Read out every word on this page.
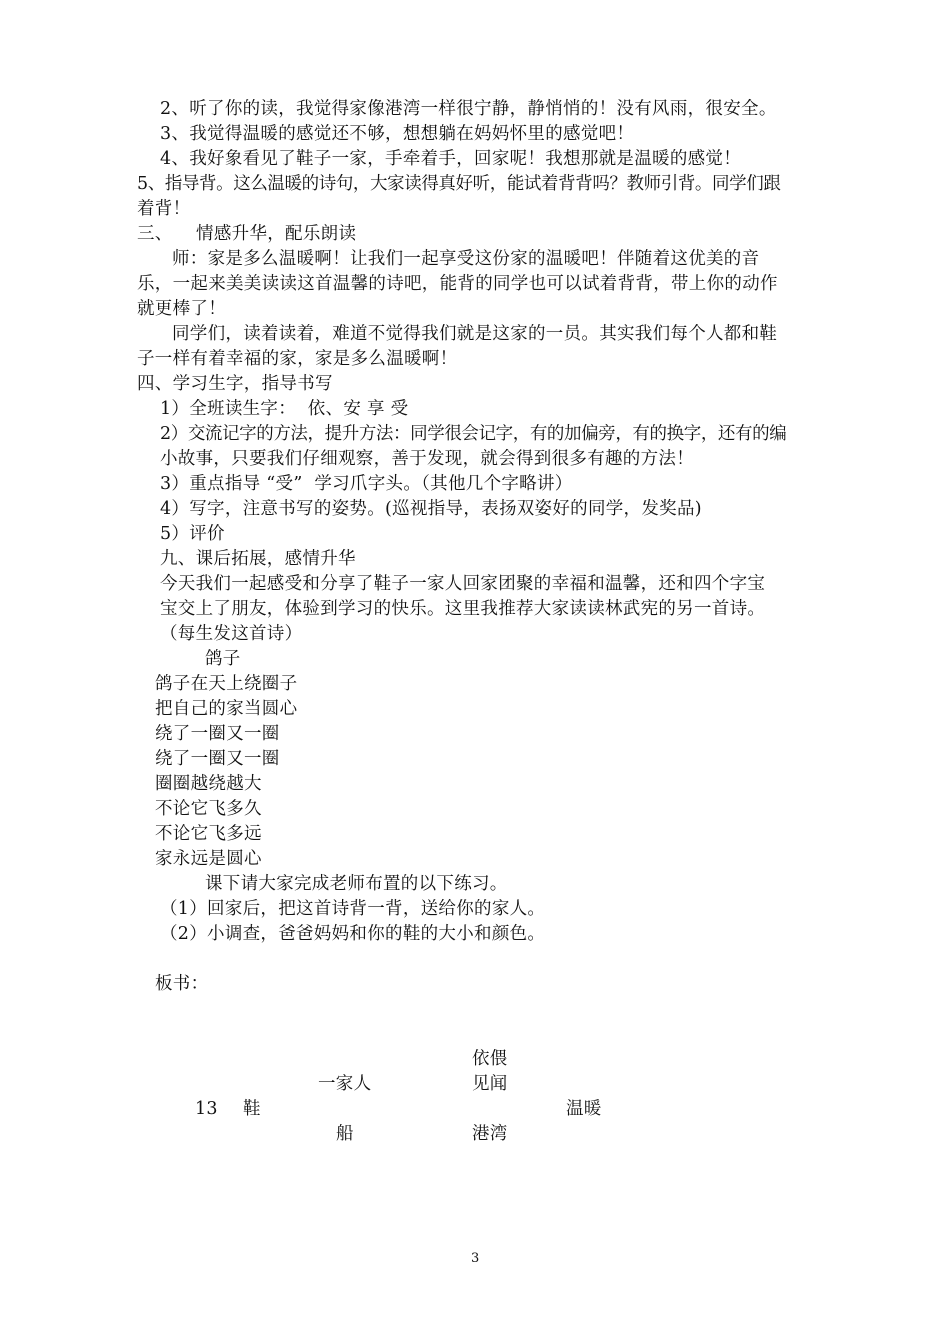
2、听了你的读，我觉得家像港湾一样很宁静，静悄悄的！没有风雨，很安全。
3、我觉得温暖的感觉还不够，想想躺在妈妈怀里的感觉吧！
4、我好象看见了鞋子一家，手牵着手，回家呢！我想那就是温暖的感觉！
5、指导背。这么温暖的诗句，大家读得真好听，能试着背背吗？教师引背。同学们跟
着背！
三、    情感升华，配乐朗读
师：家是多么温暖啊！让我们一起享受这份家的温暖吧！伴随着这优美的音
乐，一起来美美读读这首温馨的诗吧，能背的同学也可以试着背背，带上你的动作
就更棒了！
同学们，读着读着，难道不觉得我们就是这家的一员。其实我们每个人都和鞋
子一样有着幸福的家，家是多么温暖啊！
四、学习生字，指导书写
1）全班读生字：  依、安 享 受
2）交流记字的方法，提升方法：同学很会记字，有的加偏旁，有的换字，还有的编
小故事，只要我们仔细观察，善于发现，就会得到很多有趣的方法！
3）重点指导 “受”  学习爪字头。（其他几个字略讲）
4）写字，注意书写的姿势。(巡视指导，表扬双姿好的同学，发奖品)
5）评价
九、课后拓展，感情升华
今天我们一起感受和分享了鞋子一家人回家团聚的幸福和温馨，还和四个字宝
宝交上了朋友，体验到学习的快乐。这里我推荐大家读读林武宪的另一首诗。
（每生发这首诗）
鸽子
鸽子在天上绕圈子
把自己的家当圆心
绕了一圈又一圈
绕了一圈又一圈
圈圈越绕越大
不论它飞多久
不论它飞多远
家永远是圆心
课下请大家完成老师布置的以下练习。
（1）回家后，把这首诗背一背，送给你的家人。
（2）小调查，爸爸妈妈和你的鞋的大小和颜色。
板书：
依偎
一家人	见闻
13 鞋	温暖
船	港湾
3
